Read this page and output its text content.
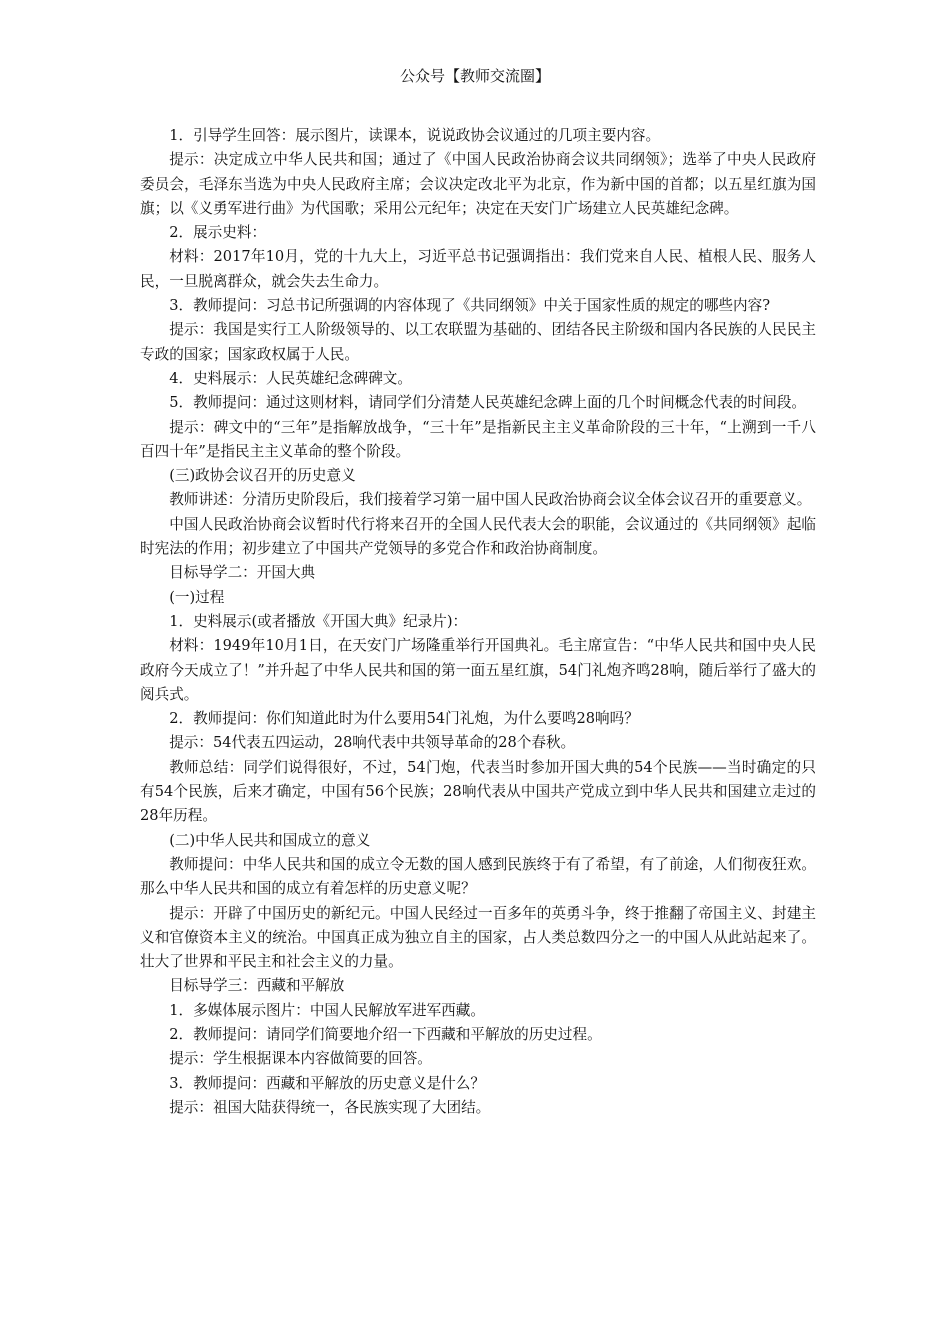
公众号【教师交流圈】

1．引导学生回答：展示图片，读课本，说说政协会议通过的几项主要内容。

提示：决定成立中华人民共和国；通过了《中国人民政治协商会议共同纲领》；选举了中央人民政府委员会，毛泽东当选为中央人民政府主席；会议决定改北平为北京，作为新中国的首都；以五星红旗为国旗；以《义勇军进行曲》为代国歌；采用公元纪年；决定在天安门广场建立人民英雄纪念碑。

2．展示史料：

材料：2017年10月，党的十九大上，习近平总书记强调指出：我们党来自人民、植根人民、服务人民，一旦脱离群众，就会失去生命力。

3．教师提问：习总书记所强调的内容体现了《共同纲领》中关于国家性质的规定的哪些内容?

提示：我国是实行工人阶级领导的、以工农联盟为基础的、团结各民主阶级和国内各民族的人民民主专政的国家；国家政权属于人民。

4．史料展示：人民英雄纪念碑碑文。

5．教师提问：通过这则材料，请同学们分清楚人民英雄纪念碑上面的几个时间概念代表的时间段。

提示：碑文中的“三年”是指解放战争，“三十年”是指新民主主义革命阶段的三十年，“上溯到一千八百四十年”是指民主主义革命的整个阶段。

(三)政协会议召开的历史意义

教师讲述：分清历史阶段后，我们接着学习第一届中国人民政治协商会议全体会议召开的重要意义。

中国人民政治协商会议暂时代行将来召开的全国人民代表大会的职能，会议通过的《共同纲领》起临时宪法的作用；初步建立了中国共产党领导的多党合作和政治协商制度。

目标导学二：开国大典

(一)过程

1．史料展示(或者播放《开国大典》纪录片)：

材料：1949年10月1日，在天安门广场隆重举行开国典礼。毛主席宣告：“中华人民共和国中央人民政府今天成立了！”并升起了中华人民共和国的第一面五星红旗，54门礼炮齐鸣28响，随后举行了盛大的阅兵式。

2．教师提问：你们知道此时为什么要用54门礼炮，为什么要鸣28响吗？

提示：54代表五四运动，28响代表中共领导革命的28个春秋。

教师总结：同学们说得很好，不过，54门炮，代表当时参加开国大典的54个民族——当时确定的只有54个民族，后来才确定，中国有56个民族；28响代表从中国共产党成立到中华人民共和国建立走过的28年历程。

(二)中华人民共和国成立的意义

教师提问：中华人民共和国的成立令无数的国人感到民族终于有了希望，有了前途，人们彻夜狂欢。那么中华人民共和国的成立有着怎样的历史意义呢？

提示：开辟了中国历史的新纪元。中国人民经过一百多年的英勇斗争，终于推翻了帝国主义、封建主义和官僚资本主义的统治。中国真正成为独立自主的国家，占人类总数四分之一的中国人从此站起来了。壮大了世界和平民主和社会主义的力量。

目标导学三：西藏和平解放

1．多媒体展示图片：中国人民解放军进军西藏。

2．教师提问：请同学们简要地介绍一下西藏和平解放的历史过程。

提示：学生根据课本内容做简要的回答。

3．教师提问：西藏和平解放的历史意义是什么？

提示：祖国大陆获得统一，各民族实现了大团结。
